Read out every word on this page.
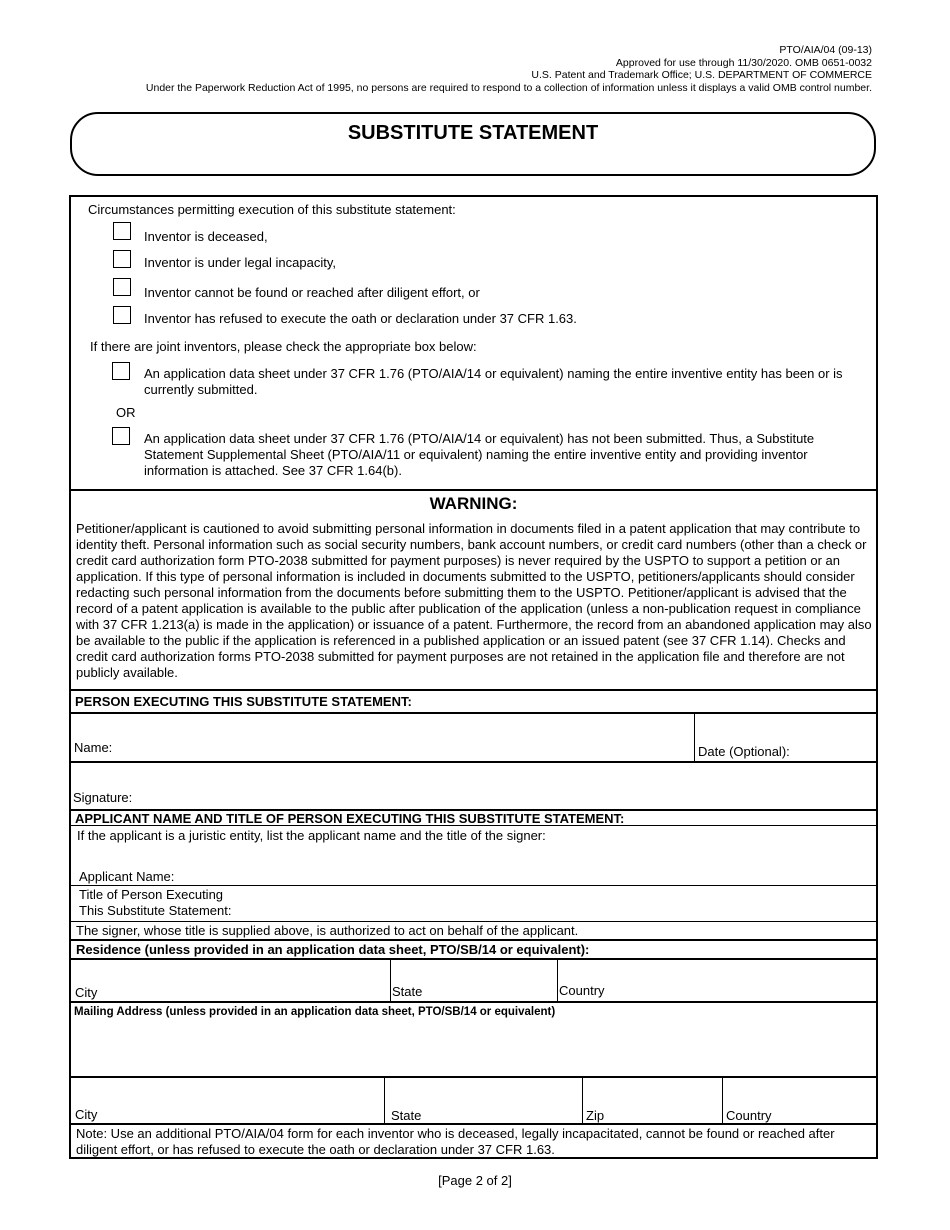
PTO/AIA/04 (09-13)
Approved for use through 11/30/2020. OMB 0651-0032
U.S. Patent and Trademark Office; U.S. DEPARTMENT OF COMMERCE
Under the Paperwork Reduction Act of 1995, no persons are required to respond to a collection of information unless it displays a valid OMB control number.
SUBSTITUTE STATEMENT
Circumstances permitting execution of this substitute statement:
Inventor is deceased,
Inventor is under legal incapacity,
Inventor cannot be found or reached after diligent effort, or
Inventor has refused to execute the oath or declaration under 37 CFR 1.63.
If there are joint inventors, please check the appropriate box below:
An application data sheet under 37 CFR 1.76 (PTO/AIA/14 or equivalent) naming the entire inventive entity has been or is currently submitted.
OR
An application data sheet under 37 CFR 1.76 (PTO/AIA/14 or equivalent) has not been submitted. Thus, a Substitute Statement Supplemental Sheet (PTO/AIA/11 or equivalent) naming the entire inventive entity and providing inventor information is attached. See 37 CFR 1.64(b).
WARNING:
Petitioner/applicant is cautioned to avoid submitting personal information in documents filed in a patent application that may contribute to identity theft. Personal information such as social security numbers, bank account numbers, or credit card numbers (other than a check or credit card authorization form PTO-2038 submitted for payment purposes) is never required by the USPTO to support a petition or an application. If this type of personal information is included in documents submitted to the USPTO, petitioners/applicants should consider redacting such personal information from the documents before submitting them to the USPTO. Petitioner/applicant is advised that the record of a patent application is available to the public after publication of the application (unless a non-publication request in compliance with 37 CFR 1.213(a) is made in the application) or issuance of a patent. Furthermore, the record from an abandoned application may also be available to the public if the application is referenced in a published application or an issued patent (see 37 CFR 1.14). Checks and credit card authorization forms PTO-2038 submitted for payment purposes are not retained in the application file and therefore are not publicly available.
PERSON EXECUTING THIS SUBSTITUTE STATEMENT:
Name:	Date (Optional):
Signature:
APPLICANT NAME AND TITLE OF PERSON EXECUTING THIS SUBSTITUTE STATEMENT:
If the applicant is a juristic entity, list the applicant name and the title of the signer:
Applicant Name:
Title of Person Executing
This Substitute Statement:
The signer, whose title is supplied above, is authorized to act on behalf of the applicant.
Residence (unless provided in an application data sheet, PTO/SB/14 or equivalent):
City	State	Country
Mailing Address (unless provided in an application data sheet, PTO/SB/14 or equivalent)
City	State	Zip	Country
Note: Use an additional PTO/AIA/04 form for each inventor who is deceased, legally incapacitated, cannot be found or reached after diligent effort, or has refused to execute the oath or declaration under 37 CFR 1.63.
[Page 2 of 2]
